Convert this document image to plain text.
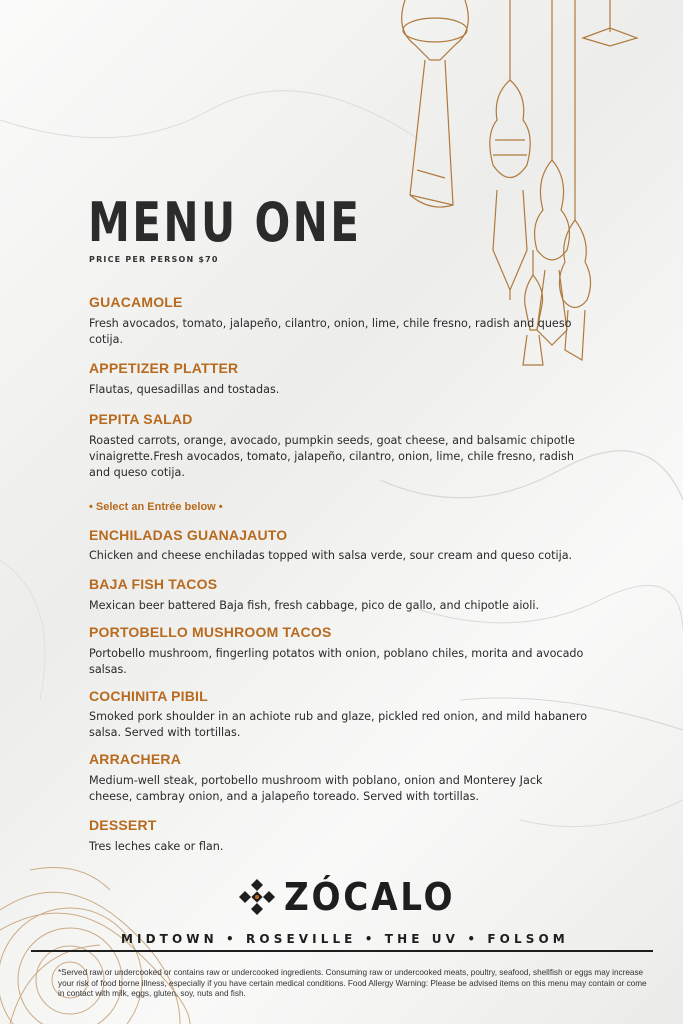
MENU ONE
PRICE PER PERSON $70
GUACAMOLE
Fresh avocados, tomato, jalapeño, cilantro, onion, lime, chile fresno, radish and queso cotija.
APPETIZER PLATTER
Flautas, quesadillas and tostadas.
PEPITA SALAD
Roasted carrots, orange, avocado, pumpkin seeds, goat cheese, and balsamic chipotle vinaigrette.Fresh avocados, tomato, jalapeño, cilantro, onion, lime, chile fresno, radish and queso cotija.
• Select an Entrée below •
ENCHILADAS GUANAJAUTO
Chicken and cheese enchiladas topped with salsa verde, sour cream and queso cotija.
BAJA FISH TACOS
Mexican beer battered Baja fish, fresh cabbage, pico de gallo, and chipotle aioli.
PORTOBELLO MUSHROOM TACOS
Portobello mushroom, fingerling potatos with onion, poblano chiles, morita and avocado salsas.
COCHINITA PIBIL
Smoked pork shoulder in an achiote rub and glaze, pickled red onion, and mild habanero salsa. Served with tortillas.
ARRACHERA
Medium-well steak, portobello mushroom with poblano, onion and Monterey Jack cheese, cambray onion, and a jalapeño toreado. Served with tortillas.
DESSERT
Tres leches cake or flan.
ZÓCALO
MIDTOWN • ROSEVILLE • THE UV • FOLSOM
*Served raw or undercooked or contains raw or undercooked ingredients. Consuming raw or undercooked meats, poultry, seafood, shellfish or eggs may increase your risk of food borne illness, especially if you have certain medical conditions. Food Allergy Warning: Please be advised items on this menu may contain or come in contact with milk, eggs, gluten, soy, nuts and fish.
